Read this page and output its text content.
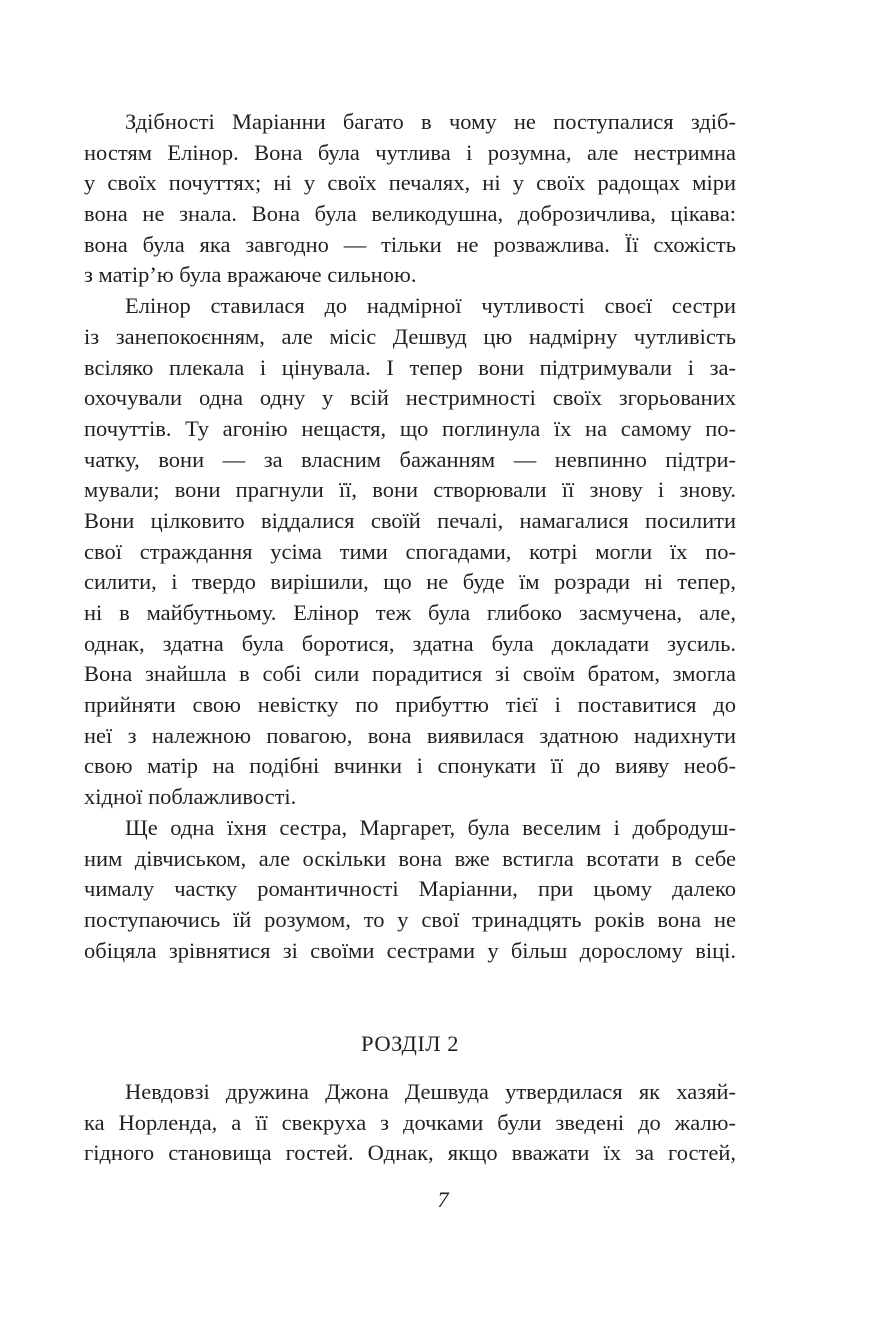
Здібності Маріанни багато в чому не поступалися здіб-
ностям Елінор. Вона була чутлива і розумна, але нестримна
у своїх почуттях; ні у своїх печалях, ні у своїх радощах міри
вона не знала. Вона була великодушна, доброзичлива, цікава:
вона була яка завгодно — тільки не розважлива. Її схожість
з матір’ю була вражаюче сильною.
Елінор ставилася до надмірної чутливості своєї сестри
із занепокоєнням, але місіс Дешвуд цю надмірну чутливість
всіляко плекала і цінувала. І тепер вони підтримували і за-
охочували одна одну у всій нестримності своїх згорьованих
почуттів. Ту агонію нещастя, що поглинула їх на самому по-
чатку, вони — за власним бажанням — невпинно підтри-
мували; вони прагнули її, вони створювали її знову і знову.
Вони цілковито віддалися своїй печалі, намагалися посилити
свої страждання усіма тими спогадами, котрі могли їх по-
силити, і твердо вирішили, що не буде їм розради ні тепер,
ні в майбутньому. Елінор теж була глибоко засмучена, але,
однак, здатна була боротися, здатна була докладати зусиль.
Вона знайшла в собі сили порадитися зі своїм братом, змогла
прийняти свою невістку по прибуттю тієї і поставитися до
неї з належною повагою, вона виявилася здатною надихнути
свою матір на подібні вчинки і спонукати її до вияву необ-
хідної поблажливості.
Ще одна їхня сестра, Маргарет, була веселим і добродуш-
ним дівчиськом, але оскільки вона вже встигла всотати в себе
чималу частку романтичності Маріанни, при цьому далеко
поступаючись їй розумом, то у свої тринадцять років вона не
обіцяла зрівнятися зі своїми сестрами у більш дорослому віці.
РОЗДІЛ 2
Невдовзі дружина Джона Дешвуда утвердилася як хазяй-
ка Норленда, а її свекруха з дочками були зведені до жалю-
гідного становища гостей. Однак, якщо вважати їх за гостей,
7
